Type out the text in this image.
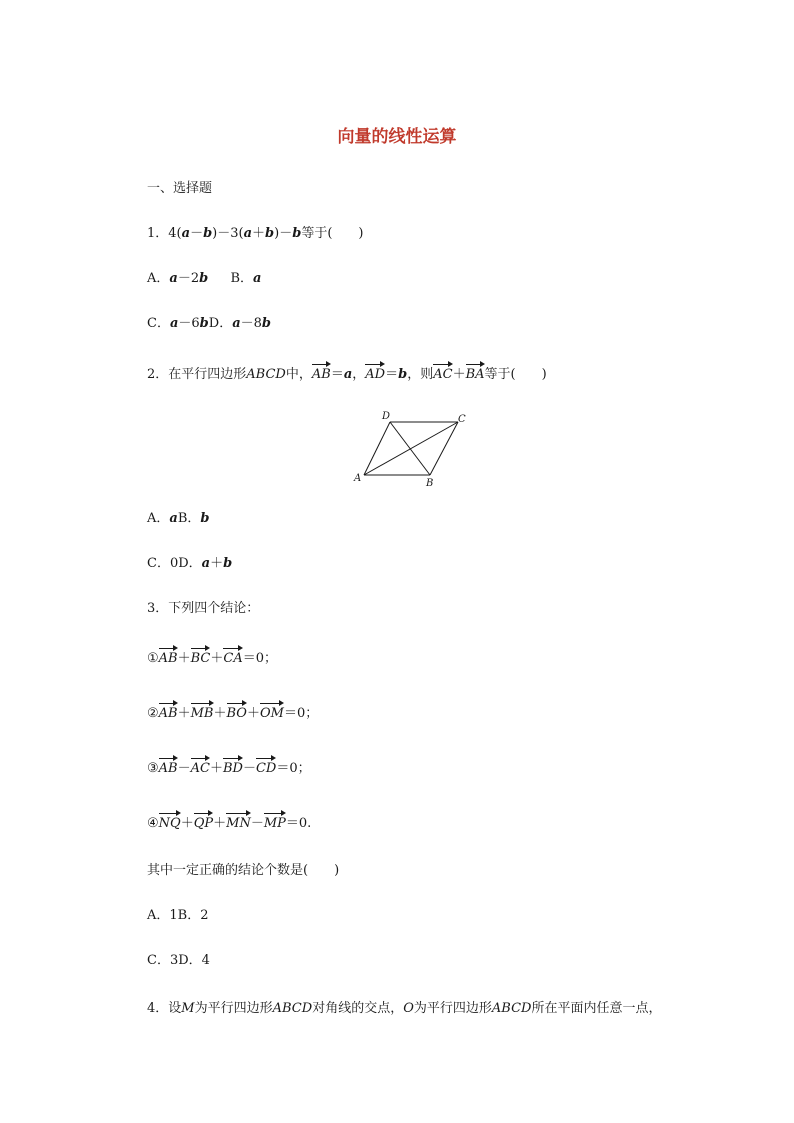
向量的线性运算
一、选择题
1．4(a－b)－3(a＋b)－b等于(　　)
A．a－2b B．a
C．a－6bD．a－8b
2．在平行四边形ABCD中，AB＝a，AD＝b，则AC＋BA等于(　　)
A	B
C
D
A．aB．b
C．0D．a＋b
3．下列四个结论：
①AB＋BC＋CA＝0；
②AB＋MB＋BO＋OM＝0；
③AB－AC＋BD－CD＝0；
④NQ＋QP＋MN－MP＝0.
其中一定正确的结论个数是(　　)
A．1B．2
C．3D．4
4．设M为平行四边形ABCD对角线的交点，O为平行四边形ABCD所在平面内任意一点，
